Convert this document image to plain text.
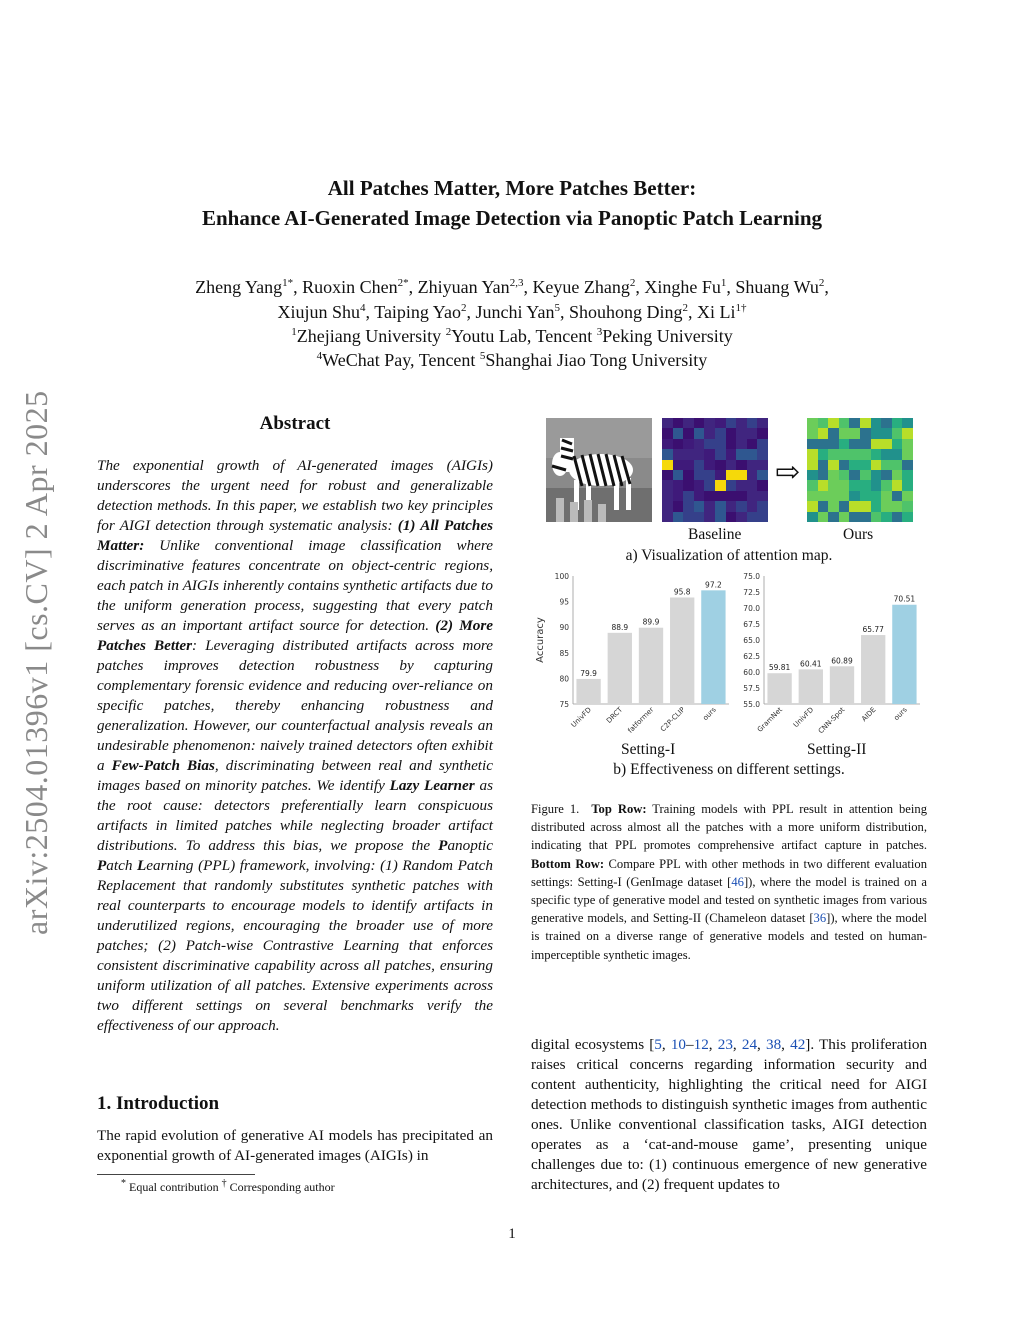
arXiv:2504.01396v1 [cs.CV] 2 Apr 2025
All Patches Matter, More Patches Better:
Enhance AI-Generated Image Detection via Panoptic Patch Learning
Zheng Yang$^{1*}$, Ruoxin Chen$^{2*}$, Zhiyuan Yan$^{2,3}$, Keyue Zhang$^2$, Xinghe Fu$^1$, Shuang Wu$^2$,
Xiujun Shu$^4$, Taiping Yao$^2$, Junchi Yan$^5$, Shouhong Ding$^2$, Xi $Li^{1\dagger}$
$^1$Zhejiang University $^2$Youtu Lab, Tencent $^3$Peking University
$^4$WeChat Pay, Tencent $^5$Shanghai Jiao Tong University
Abstract
The exponential growth of AI-generated images (AIGIs) underscores the urgent need for robust and generalizable detection methods. In this paper, we establish two key principles for AIGI detection through systematic analysis: (1) All Patches Matter: Unlike conventional image classification where discriminative features concentrate on object-centric regions, each patch in AIGIs inherently contains synthetic artifacts due to the uniform generation process, suggesting that every patch serves as an important artifact source for detection. (2) More Patches Better: Leveraging distributed artifacts across more patches improves detection robustness by capturing complementary forensic evidence and reducing over-reliance on specific patches, thereby enhancing robustness and generalization. However, our counterfactual analysis reveals an undesirable phenomenon: naively trained detectors often exhibit a Few-Patch Bias, discriminating between real and synthetic images based on minority patches. We identify Lazy Learner as the root cause: detectors preferentially learn conspicuous artifacts in limited patches while neglecting broader artifact distributions. To address this bias, we propose the Panoptic Patch Learning (PPL) framework, involving: (1) Random Patch Replacement that randomly substitutes synthetic patches with real counterparts to encourage models to identify artifacts in underutilized regions, encouraging the broader use of more patches; (2) Patch-wise Contrastive Learning that enforces consistent discriminative capability across all patches, ensuring uniform utilization of all patches. Extensive experiments across two different settings on several benchmarks verify the effectiveness of our approach.
1. Introduction
The rapid evolution of generative AI models has precipitated an exponential growth of AI-generated images (AIGIs) in
* Equal contribution † Corresponding author
⇨
Baseline	Ours
a) Visualization of attention map.
75
80
85
90
95
100
Accuracy
79.9
UnivFD
88.9
DRCT
89.9
fatformer
95.8
C2P-CLIP
97.2
ours
55.0
57.5
60.0
62.5
65.0
67.5
70.0
72.5
75.0
59.81
GramNet
60.41
UnivFD
60.89
CNN-Spot
65.77
AIDE
70.51
ours
Setting-I	Setting-II
b) Effectiveness on different settings.
Figure 1. Top Row: Training models with PPL result in attention being distributed across almost all the patches with a more uniform distribution, indicating that PPL promotes comprehensive artifact capture in patches. Bottom Row: Compare PPL with other methods in two different evaluation settings: Setting-I (GenImage dataset [46]), where the model is trained on a specific type of generative model and tested on synthetic images from various generative models, and Setting-II (Chameleon dataset [36]), where the model is trained on a diverse range of generative models and tested on human-imperceptible synthetic images.
digital ecosystems [5, 10–12, 23, 24, 38, 42]. This proliferation raises critical concerns regarding information security and content authenticity, highlighting the critical need for AIGI detection methods to distinguish synthetic images from authentic ones. Unlike conventional classification tasks, AIGI detection operates as a ‘cat-and-mouse game’, presenting unique challenges due to: (1) continuous emergence of new generative architectures, and (2) frequent updates to
1
